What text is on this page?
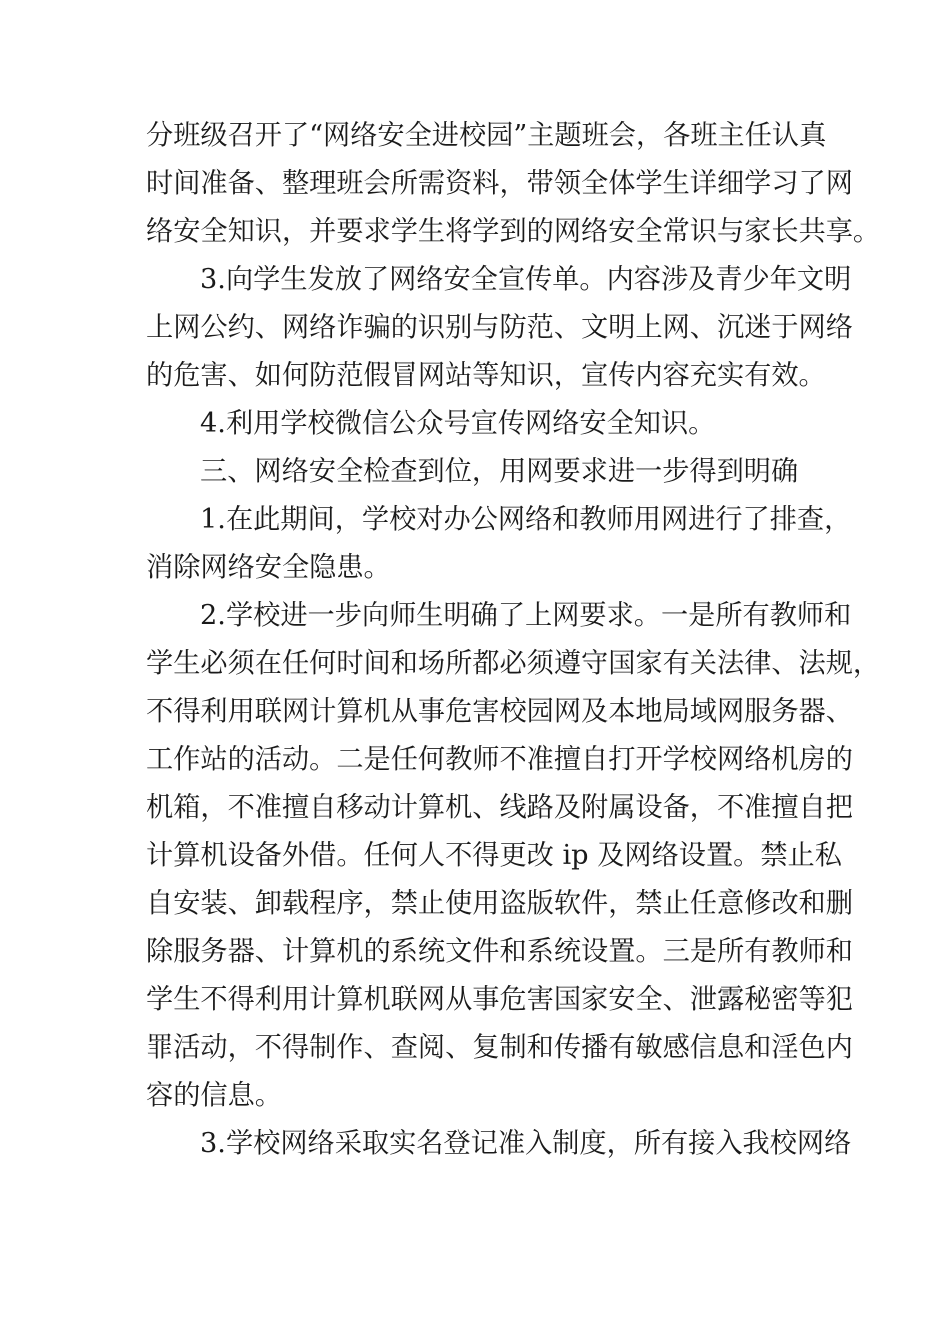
分班级召开了“网络安全进校园”主题班会，各班主任认真
时间准备、整理班会所需资料，带领全体学生详细学习了网
络安全知识，并要求学生将学到的网络安全常识与家长共享。
3.向学生发放了网络安全宣传单。内容涉及青少年文明
上网公约、网络诈骗的识别与防范、文明上网、沉迷于网络
的危害、如何防范假冒网站等知识，宣传内容充实有效。
4.利用学校微信公众号宣传网络安全知识。
三、网络安全检查到位，用网要求进一步得到明确
1.在此期间，学校对办公网络和教师用网进行了排查，
消除网络安全隐患。
2.学校进一步向师生明确了上网要求。一是所有教师和
学生必须在任何时间和场所都必须遵守国家有关法律、法规，
不得利用联网计算机从事危害校园网及本地局域网服务器、
工作站的活动。二是任何教师不准擅自打开学校网络机房的
机箱，不准擅自移动计算机、线路及附属设备，不准擅自把
计算机设备外借。任何人不得更改 ip 及网络设置。禁止私
自安装、卸载程序，禁止使用盗版软件，禁止任意修改和删
除服务器、计算机的系统文件和系统设置。三是所有教师和
学生不得利用计算机联网从事危害国家安全、泄露秘密等犯
罪活动，不得制作、查阅、复制和传播有敏感信息和淫色内
容的信息。
3.学校网络采取实名登记准入制度，所有接入我校网络
